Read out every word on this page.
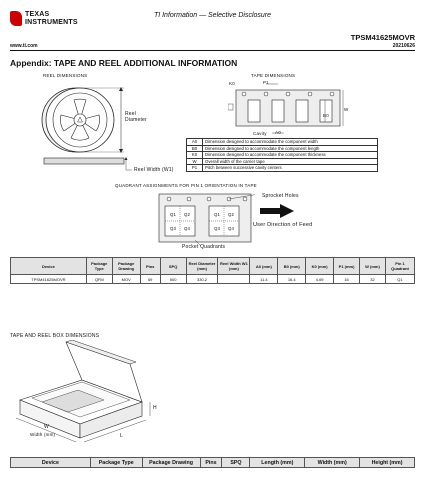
TEXAS
INSTRUMENTS
TI Information — Selective Disclosure
TPSM41625MOVR
www.ti.com	20210626
Appendix: TAPE AND REEL ADDITIONAL INFORMATION
REEL DIMENSIONS
Reel
Diameter
Reel Width (W1)
TAPE DIMENSIONS
K0	P1
B0
W
A0
Cavity
A0	Dimension designed to accommodate the component width
B0	Dimension designed to accommodate the component length
K0	Dimension designed to accommodate the component thickness
W	Overall width of the carrier tape
P1	Pitch between successive cavity centers
QUADRANT ASSIGNMENTS FOR PIN 1 ORIENTATION IN TAPE
Q1 Q2
Q3 Q4
Q1 Q2
Q3 Q4
Sprocket Holes
User Direction of Feed
Pocket Quadrants
Device	Package Type	Package Drawing	Pins	SPQ	Reel Diameter (mm)	Reel Width W1 (mm)	A0 (mm)	B0 (mm)	K0 (mm)	P1 (mm)	W (mm)	Pin 1 Quadrant
TPSM41625MOVR	QFM	MOV	69	500	330.2		11.4	16.4	4.69	16	32	Q1
TAPE AND REEL BOX DIMENSIONS
Width (mm)
W
L
H
Device	Package Type	Package Drawing	Pins	SPQ	Length (mm)	Width (mm)	Height (mm)
